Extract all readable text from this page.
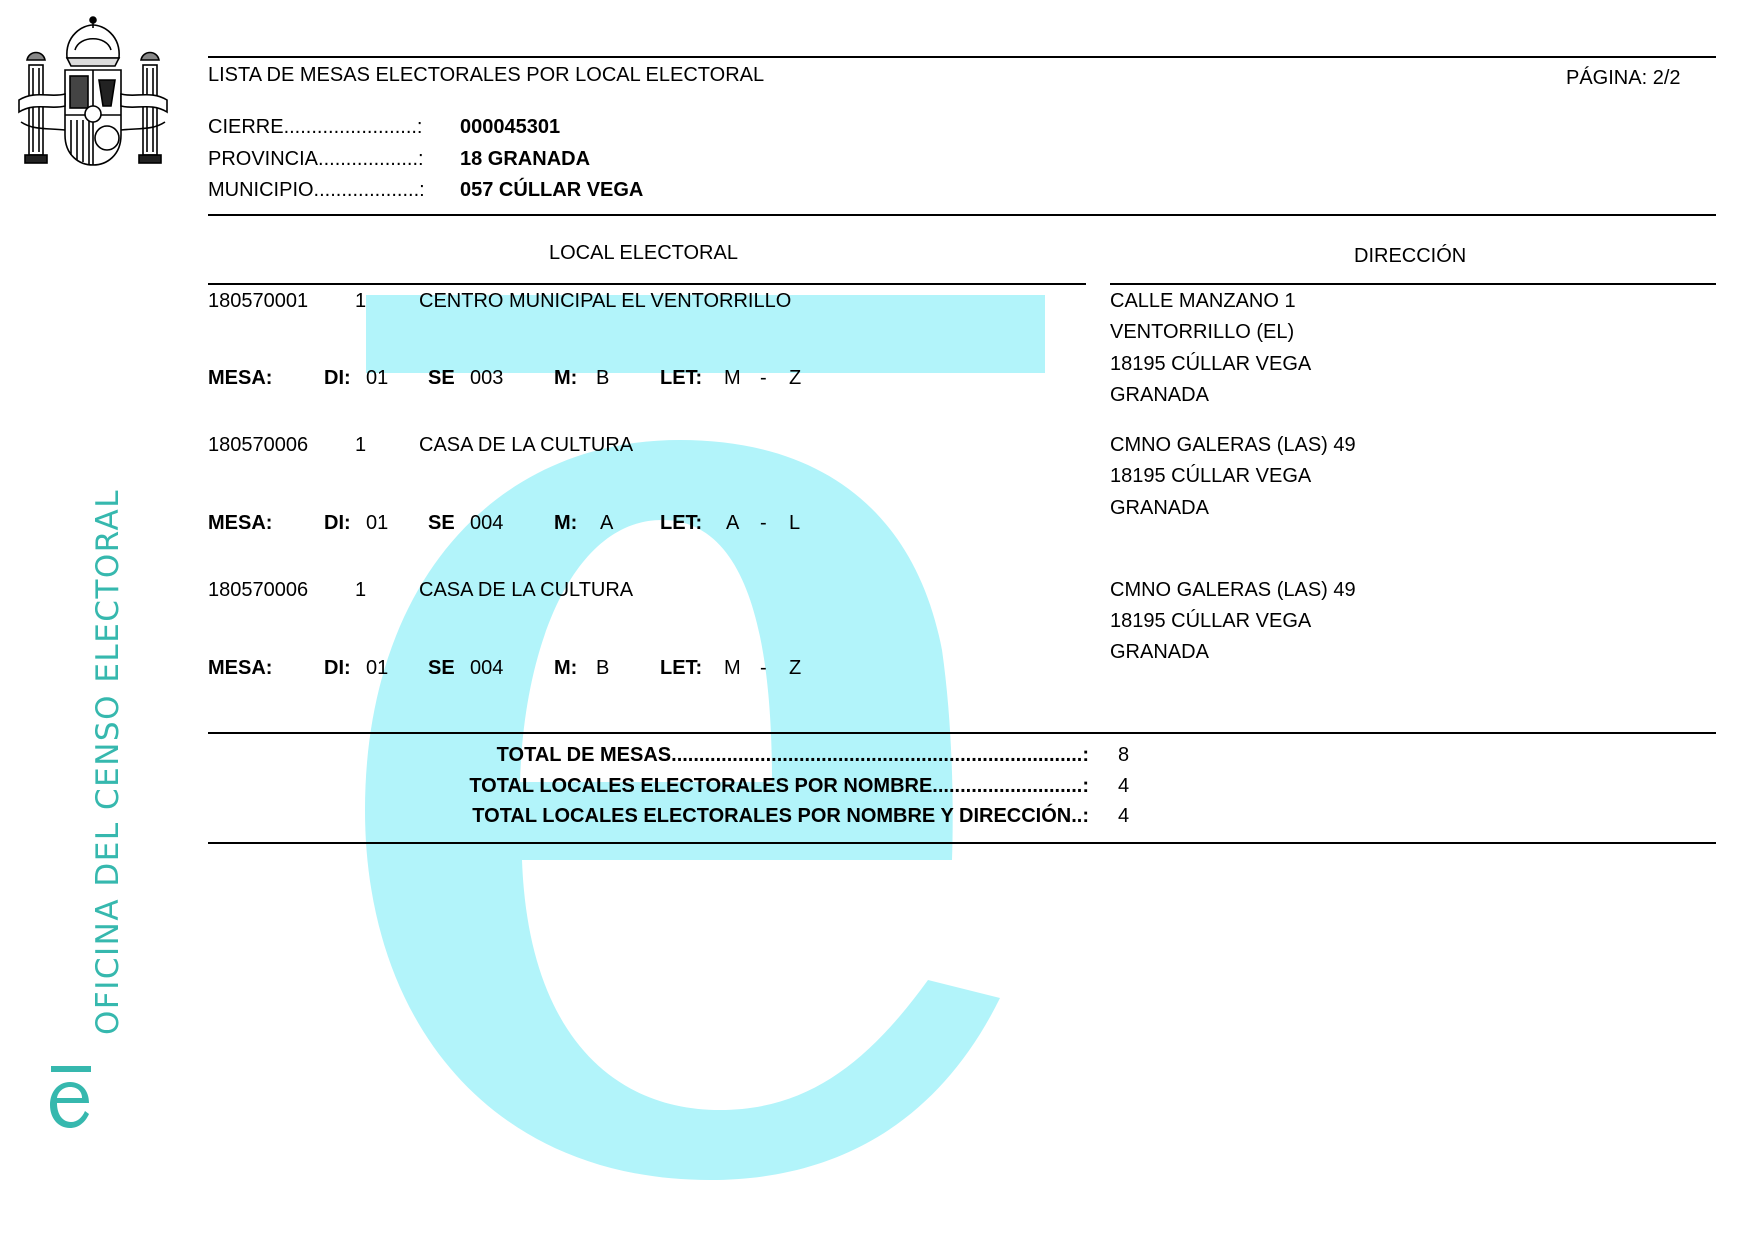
LISTA DE MESAS ELECTORALES POR LOCAL ELECTORAL	PÁGINA: 2/2
CIERRE........................: 000045301
PROVINCIA..................: 18 GRANADA
MUNICIPIO...................: 057 CÚLLAR VEGA
LOCAL ELECTORAL	DIRECCIÓN
180570001 1	CENTRO MUNICIPAL EL VENTORRILLO
MESA:	DI: 01 SE 003	M: B	LET: M - Z
CALLE MANZANO 1
VENTORRILLO (EL)
18195 CÚLLAR VEGA
GRANADA
180570006 1	CASA DE LA CULTURA
MESA:	DI: 01 SE 004	M: A LET: A - L
CMNO GALERAS (LAS) 49
18195 CÚLLAR VEGA
GRANADA
180570006 1	CASA DE LA CULTURA
MESA:	DI: 01 SE 004	M: B	LET: M - Z
CMNO GALERAS (LAS) 49
18195 CÚLLAR VEGA
GRANADA
TOTAL DE MESAS..........................................................................: 8
TOTAL LOCALES ELECTORALES POR NOMBRE...........................: 4
TOTAL LOCALES ELECTORALES POR NOMBRE Y DIRECCIÓN..: 4
OFICINA DEL CENSO ELECTORAL
